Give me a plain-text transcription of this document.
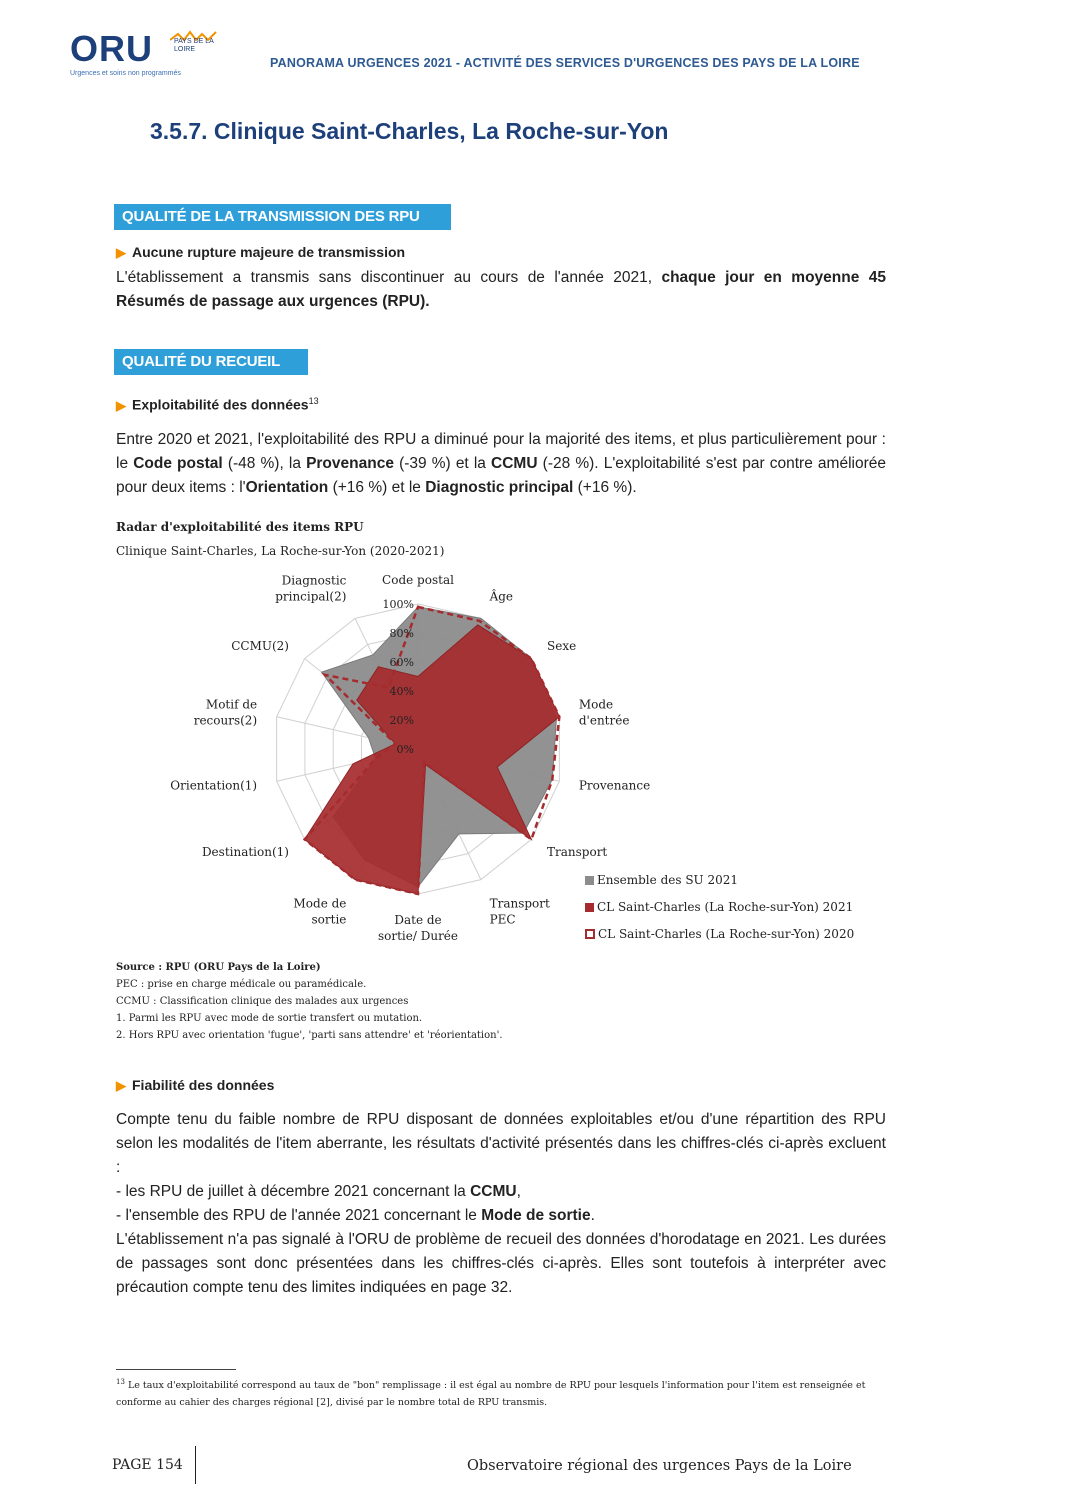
ORU	PAYS DE LA LOIRE
Urgences et soins non programmés
PANORAMA URGENCES 2021 - ACTIVITÉ DES SERVICES D'URGENCES DES PAYS DE LA LOIRE
3.5.7. Clinique Saint-Charles, La Roche-sur-Yon
QUALITÉ DE LA TRANSMISSION DES RPU
▶ Aucune rupture majeure de transmission
L'établissement a transmis sans discontinuer au cours de l'année 2021, chaque jour en moyenne 45 Résumés de passage aux urgences (RPU).
QUALITÉ DU RECUEIL
▶ Exploitabilité des données$^{13}$
Entre 2020 et 2021, l'exploitabilité des RPU a diminué pour la majorité des items, et plus particulièrement pour : le Code postal (-48 %), la Provenance (-39 %) et la CCMU (-28 %). L'exploitabilité s'est par contre améliorée pour deux items : l'Orientation (+16 %) et le Diagnostic principal (+16 %).
Radar d'exploitabilité des items RPU
Clinique Saint-Charles, La Roche-sur-Yon (2020-2021)
0%
20%
40%
60%
80%
100%
Code postal
Âge
Sexe
Mode
d'entrée
Provenance
Transport
Transport
PEC
Date de
sortie/ Durée
Mode de
sortie
Destination(1)
Orientation(1)
Motif de
recours(2)
CCMU(2)
Diagnostic
principal(2)
Ensemble des SU 2021
CL Saint-Charles (La Roche-sur-Yon) 2021
CL Saint-Charles (La Roche-sur-Yon) 2020
Source : RPU (ORU Pays de la Loire)
PEC : prise en charge médicale ou paramédicale.
CCMU : Classification clinique des malades aux urgences
1. Parmi les RPU avec mode de sortie transfert ou mutation.
2. Hors RPU avec orientation 'fugue', 'parti sans attendre' et 'réorientation'.
▶ Fiabilité des données
Compte tenu du faible nombre de RPU disposant de données exploitables et/ou d'une répartition des RPU selon les modalités de l'item aberrante, les résultats d'activité présentés dans les chiffres-clés ci-après excluent :
- les RPU de juillet à décembre 2021 concernant la CCMU,
- l'ensemble des RPU de l'année 2021 concernant le Mode de sortie.
L'établissement n'a pas signalé à l'ORU de problème de recueil des données d'horodatage en 2021. Les durées de passages sont donc présentées dans les chiffres-clés ci-après. Elles sont toutefois à interpréter avec précaution compte tenu des limites indiquées en page 32.
$^{13}$ Le taux d'exploitabilité correspond au taux de "bon" remplissage : il est égal au nombre de RPU pour lesquels l'information pour l'item est renseignée et conforme au cahier des charges régional [2], divisé par le nombre total de RPU transmis.
PAGE 154	Observatoire régional des urgences Pays de la Loire
